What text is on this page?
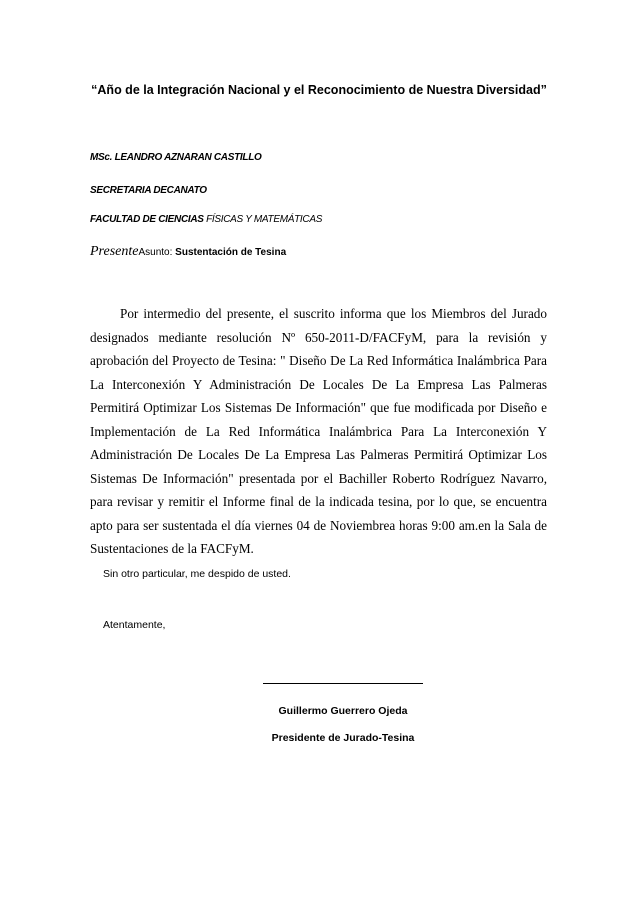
“Año de la Integración Nacional y el Reconocimiento de Nuestra Diversidad”
MSc. LEANDRO AZNARAN CASTILLO
SECRETARIA DECANATO
FACULTAD DE CIENCIAS FÍSICAS Y MATEMÁTICAS
PresenteAsunto: Sustentación de Tesina
Por intermedio del presente, el suscrito informa que los Miembros del Jurado designados mediante resolución Nº 650-2011-D/FACFyM, para la revisión y aprobación del Proyecto de Tesina: " Diseño De La Red Informática Inalámbrica Para La Interconexión Y Administración De Locales De La Empresa Las Palmeras Permitirá Optimizar Los Sistemas De Información" que fue modificada por Diseño e Implementación de La Red Informática Inalámbrica Para La Interconexión Y Administración De Locales De La Empresa Las Palmeras Permitirá Optimizar Los Sistemas De Información" presentada por el Bachiller Roberto Rodríguez Navarro, para revisar y remitir el Informe final de la indicada tesina, por lo que, se encuentra apto para ser sustentada el día viernes 04 de Noviembrea horas 9:00 am.en la Sala de Sustentaciones de la FACFyM.
Sin otro particular, me despido de usted.
Atentamente,
Guillermo Guerrero Ojeda
Presidente de Jurado-Tesina
